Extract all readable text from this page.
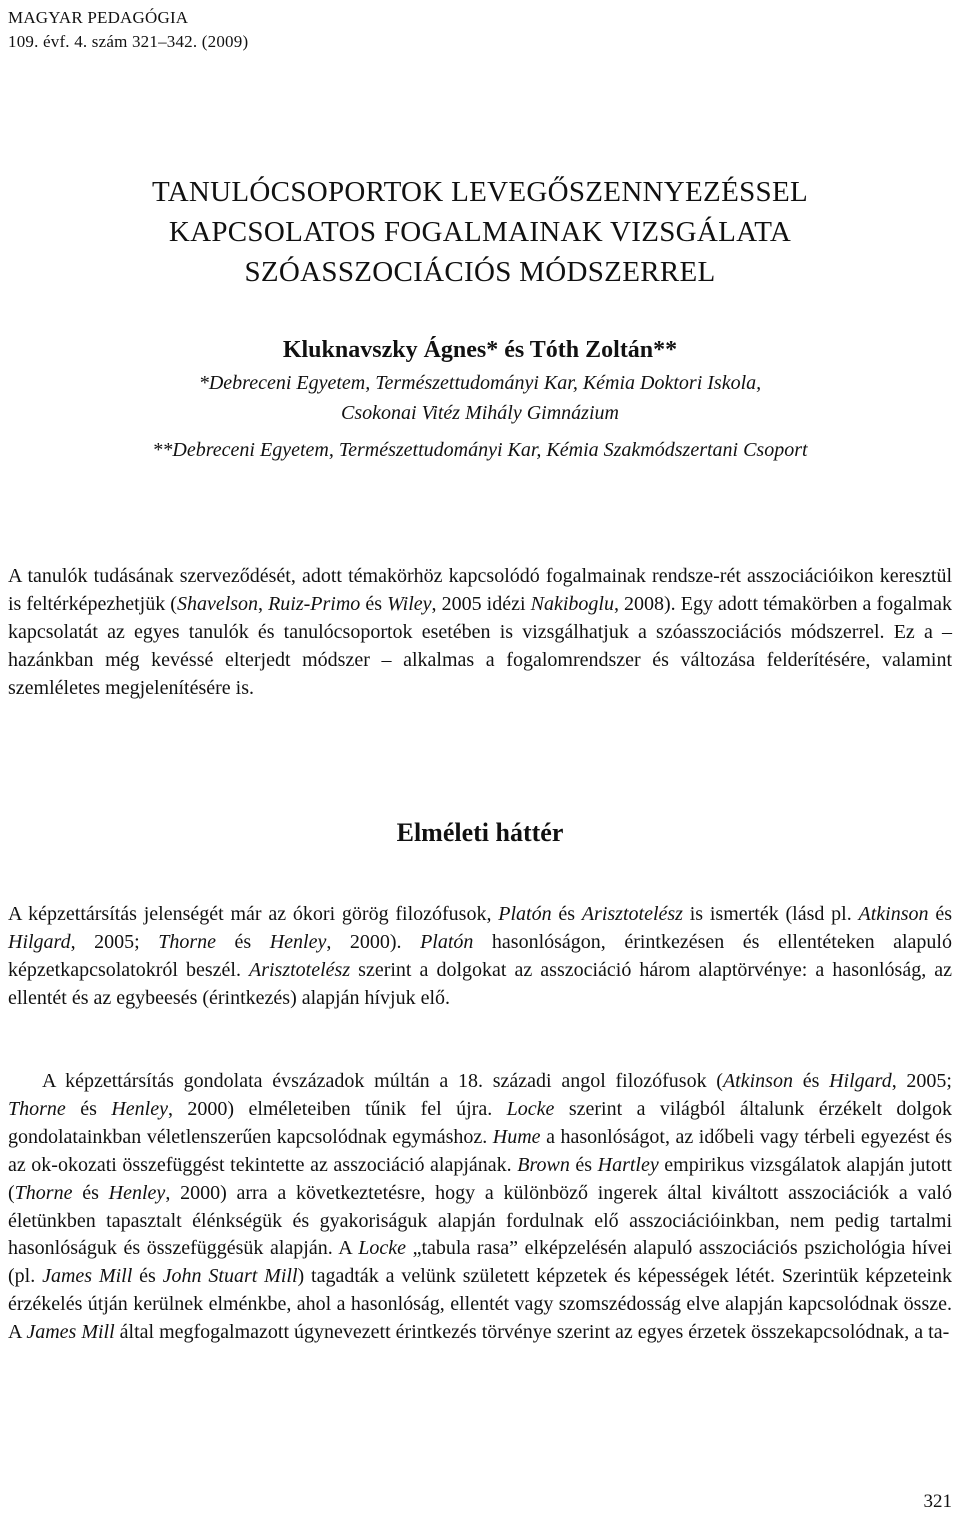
MAGYAR PEDAGÓGIA
109. évf. 4. szám 321–342. (2009)
TANULÓCSOPORTOK LEVEGŐSZENNYEZÉSSEL
KAPCSOLATOS FOGALMAINAK VIZSGÁLATA
SZÓASSZOCIÁCIÓS MÓDSZERREL
Kluknavszky Ágnes* és Tóth Zoltán**
*Debreceni Egyetem, Természettudományi Kar, Kémia Doktori Iskola,
Csokonai Vitéz Mihály Gimnázium
**Debreceni Egyetem, Természettudományi Kar, Kémia Szakmódszertani Csoport
A tanulók tudásának szerveződését, adott témakörhöz kapcsolódó fogalmainak rendsze-rét asszociációikon keresztül is feltérképezhetjük (Shavelson, Ruiz-Primo és Wiley, 2005 idézi Nakiboglu, 2008). Egy adott témakörben a fogalmak kapcsolatát az egyes tanulók és tanulócsoportok esetében is vizsgálhatjuk a szóasszociációs módszerrel. Ez a – hazánkban még kevéssé elterjedt módszer – alkalmas a fogalomrendszer és változása felderítésére, valamint szemléletes megjelenítésére is.
Elméleti háttér
A képzettársítás jelenségét már az ókori görög filozófusok, Platón és Arisztotelész is ismerték (lásd pl. Atkinson és Hilgard, 2005; Thorne és Henley, 2000). Platón hasonlóságon, érintkezésen és ellentéteken alapuló képzetkapcsolatokról beszél. Arisztotelész szerint a dolgokat az asszociáció három alaptörvénye: a hasonlóság, az ellentét és az egybeesés (érintkezés) alapján hívjuk elő.
A képzettársítás gondolata évszázadok múltán a 18. századi angol filozófusok (Atkinson és Hilgard, 2005; Thorne és Henley, 2000) elméleteiben tűnik fel újra. Locke szerint a világból általunk érzékelt dolgok gondolatainkban véletlenszerűen kapcsolódnak egymáshoz. Hume a hasonlóságot, az időbeli vagy térbeli egyezést és az ok-okozati összefüggést tekintette az asszociáció alapjának. Brown és Hartley empirikus vizsgálatok alapján jutott (Thorne és Henley, 2000) arra a következtetésre, hogy a különböző ingerek által kiváltott asszociációk a való életünkben tapasztalt élénkségük és gyakoriságuk alapján fordulnak elő asszociációinkban, nem pedig tartalmi hasonlóságuk és összefüggésük alapján. A Locke „tabula rasa” elképzelésén alapuló asszociációs pszichológia hívei (pl. James Mill és John Stuart Mill) tagadták a velünk született képzetek és képességek létét. Szerintük képzeteink érzékelés útján kerülnek elménkbe, ahol a hasonlóság, ellentét vagy szomszédosság elve alapján kapcsolódnak össze. A James Mill által megfogalmazott úgynevezett érintkezés törvénye szerint az egyes érzetek összekapcsolódnak, a ta-
321
